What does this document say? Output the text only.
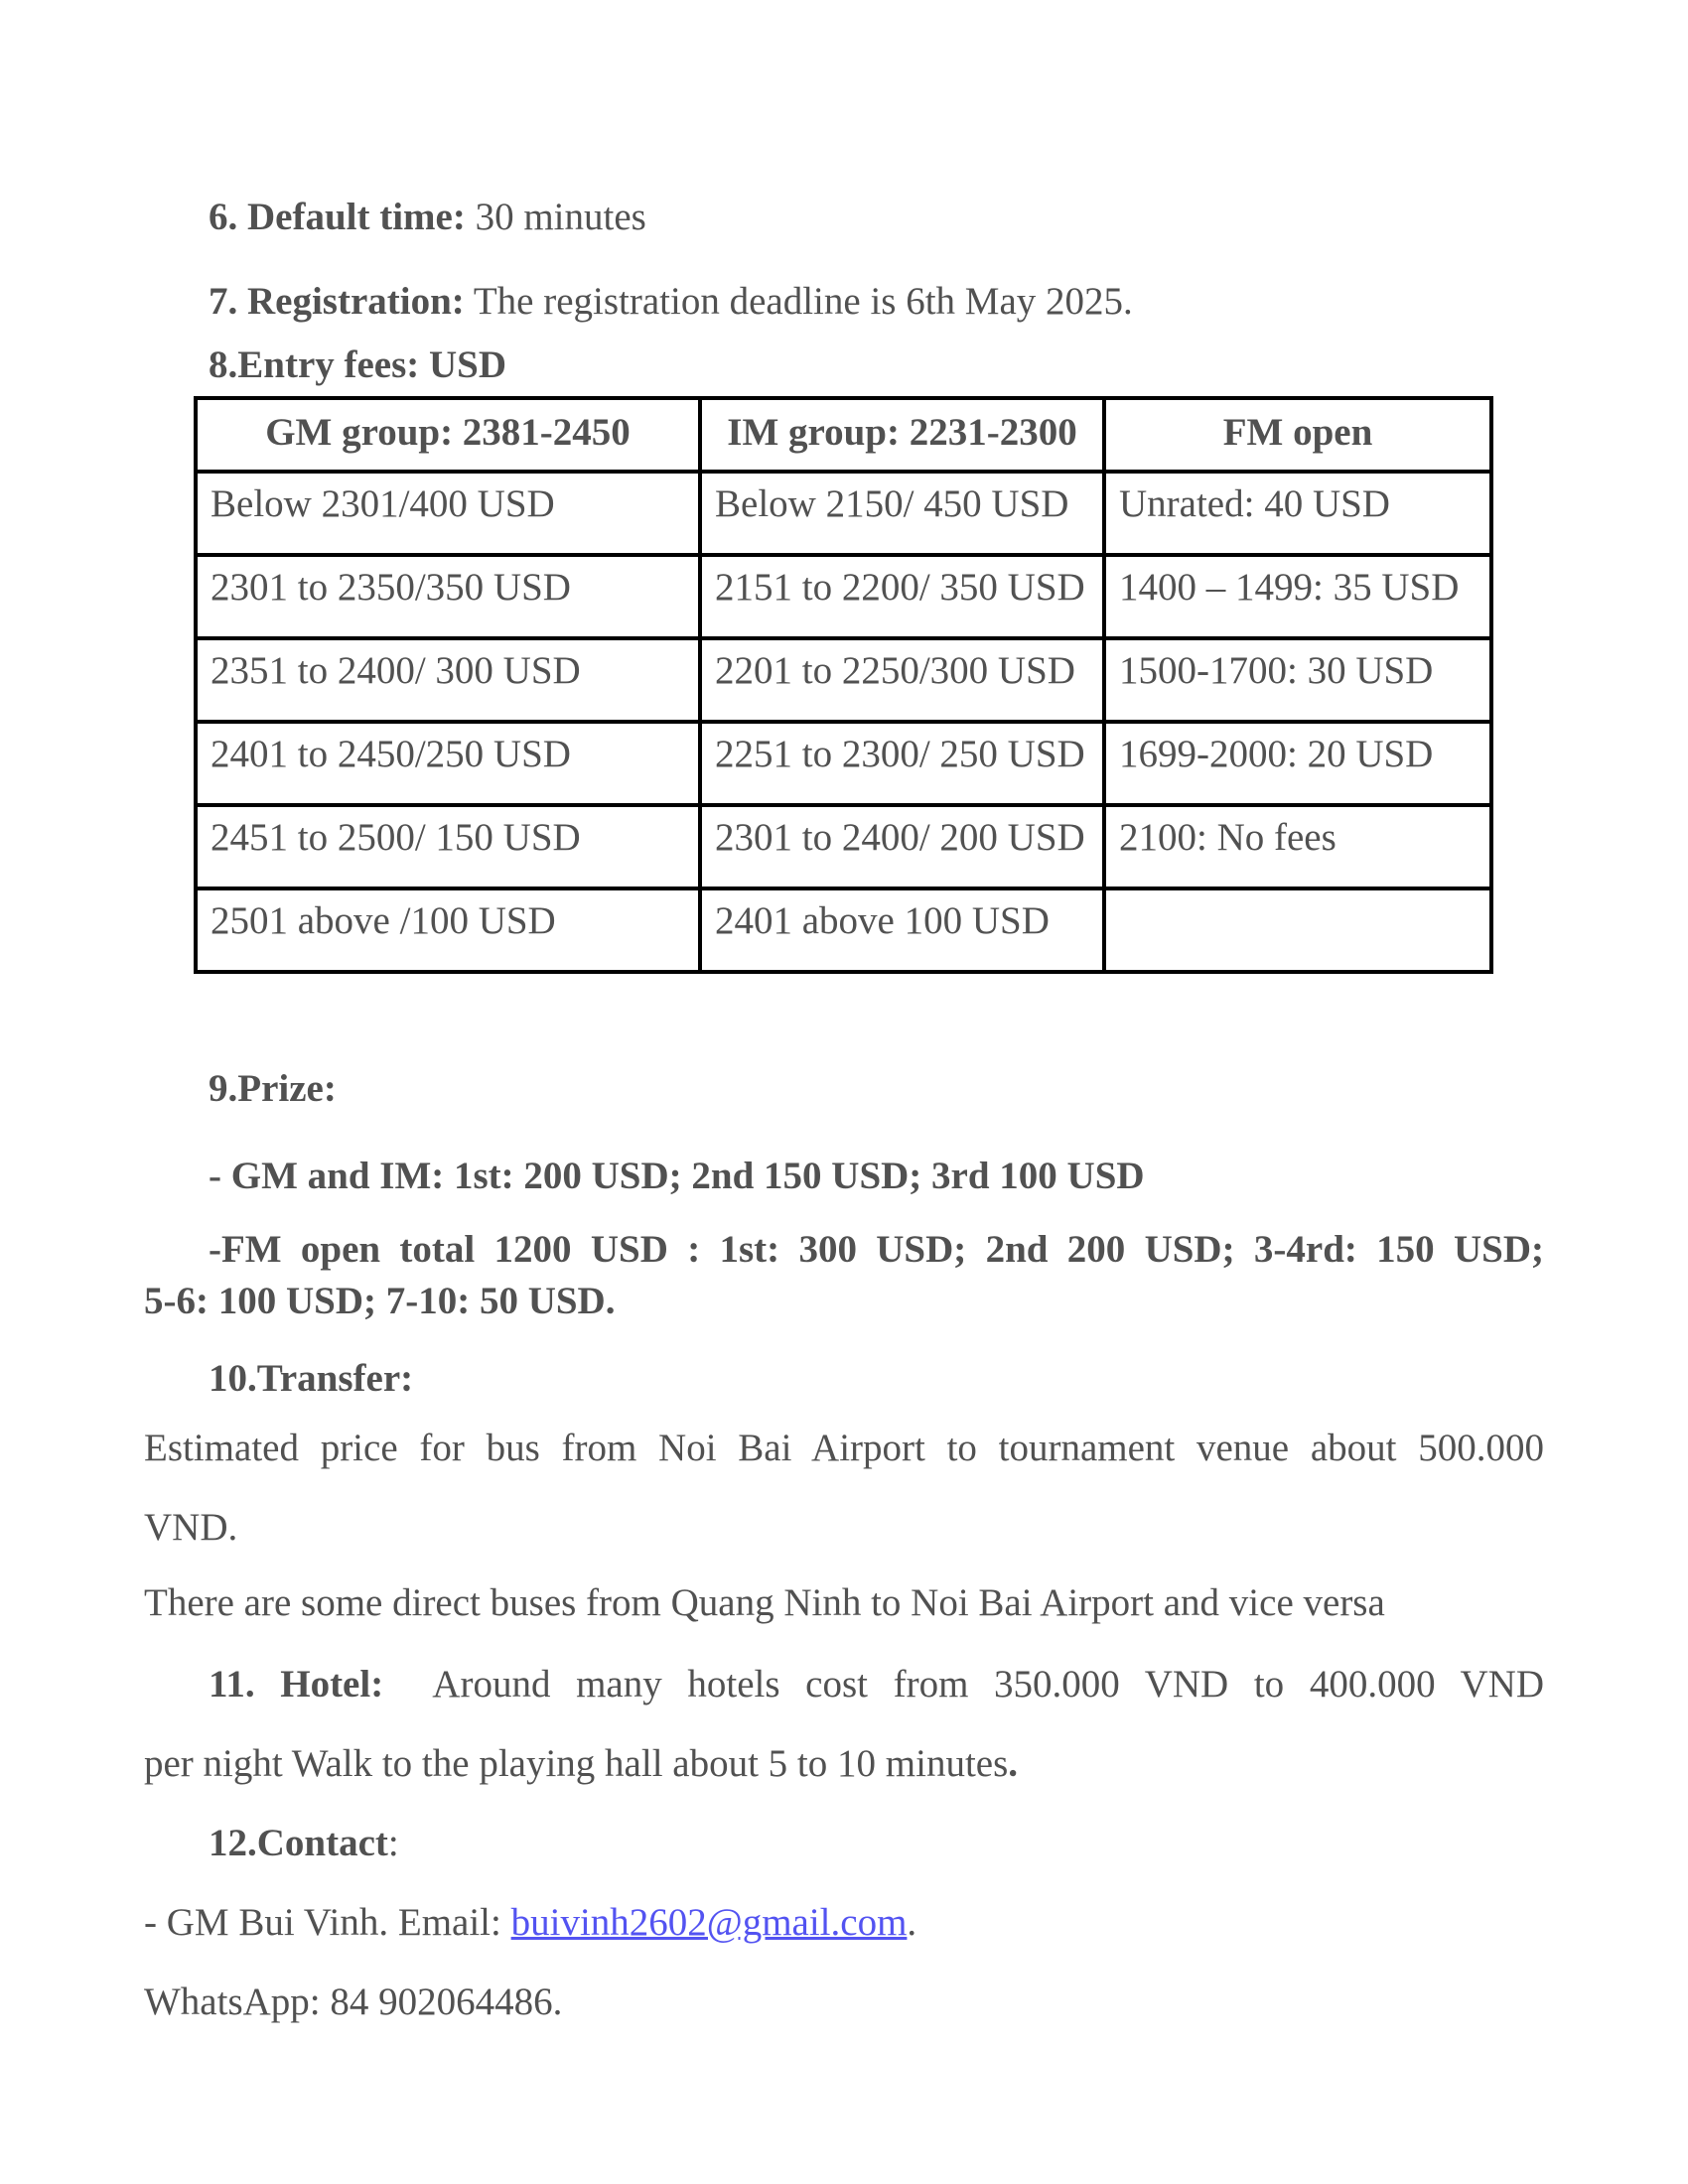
6. Default time: 30 minutes

7. Registration: The registration deadline is 6th May 2025.

8.Entry fees: USD

GM group: 2381-2450	IM group: 2231-2300	FM open
Below 2301/400 USD	Below 2150/ 450 USD	Unrated: 40 USD
2301 to 2350/350 USD	2151 to 2200/ 350 USD	1400 – 1499: 35 USD
2351 to 2400/ 300 USD	2201 to 2250/300 USD	1500-1700: 30 USD
2401 to 2450/250 USD	2251 to 2300/ 250 USD	1699-2000: 20 USD
2451 to 2500/ 150 USD	2301 to 2400/ 200 USD	2100: No fees
2501 above /100 USD	2401 above 100 USD	

9.Prize:

- GM and IM: 1st: 200 USD; 2nd 150 USD; 3rd 100 USD

-FM open total 1200 USD : 1st: 300 USD; 2nd 200 USD; 3-4rd: 150 USD;

5-6: 100 USD; 7-10: 50 USD.

10.Transfer:

Estimated price for bus from Noi Bai Airport to tournament venue about 500.000

VND.

There are some direct buses from Quang Ninh to Noi Bai Airport and vice versa

11. Hotel:  Around many hotels cost from 350.000 VND to 400.000 VND

per night Walk to the playing hall about 5 to 10 minutes.

12.Contact:

- GM Bui Vinh. Email: buivinh2602@gmail.com.

WhatsApp: 84 902064486.
